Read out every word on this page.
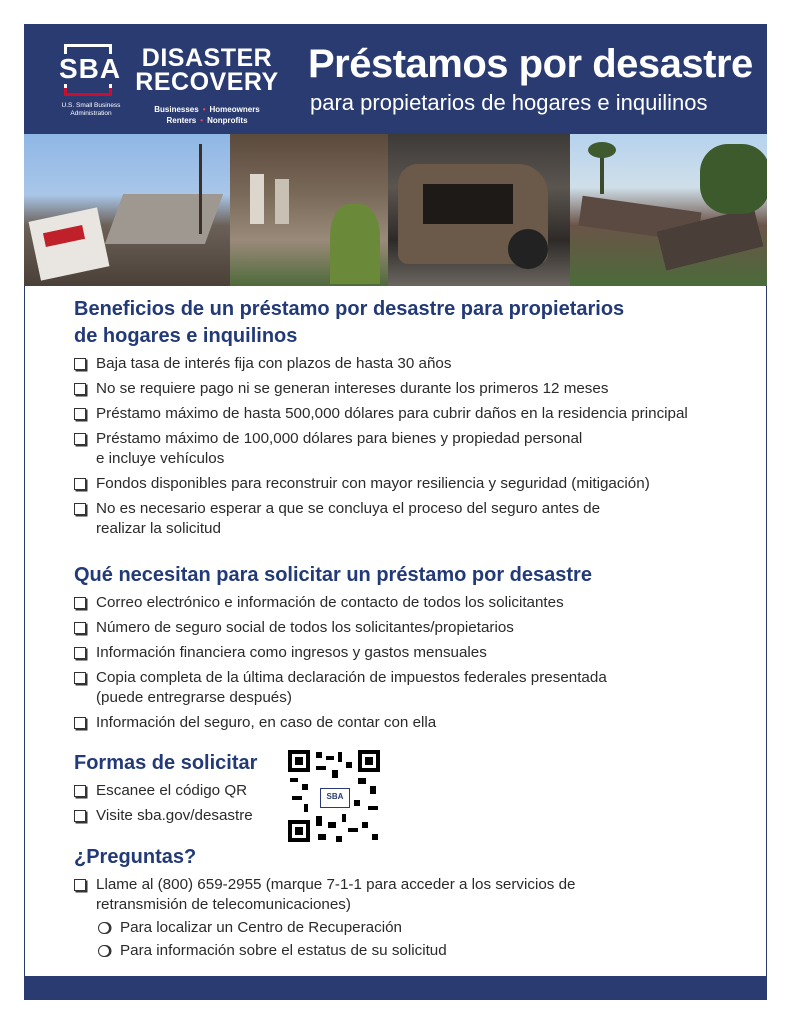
SBA
U.S. Small Business Administration
DISASTER
RECOVERY
Businesses • Homeowners
Renters • Nonprofits
Préstamos por desastre
para propietarios de hogares e inquilinos
Beneficios de un préstamo por desastre para propietarios
de hogares e inquilinos
Baja tasa de interés fija con plazos de hasta 30 años
No se requiere pago ni se generan intereses durante los primeros 12 meses
Préstamo máximo de hasta 500,000 dólares para cubrir daños en la residencia principal
Préstamo máximo de 100,000 dólares para bienes y propiedad personal
e incluye vehículos
Fondos disponibles para reconstruir con mayor resiliencia y seguridad (mitigación)
No es necesario esperar a que se concluya el proceso del seguro antes de
realizar la solicitud
Qué necesitan para solicitar un préstamo por desastre
Correo electrónico e información de contacto de todos los solicitantes
Número de seguro social de todos los solicitantes/propietarios
Información financiera como ingresos y gastos mensuales
Copia completa de la última declaración de impuestos federales presentada
(puede entregrarse después)
Información del seguro, en caso de contar con ella
Formas de solicitar
Escanee el código QR
Visite sba.gov/desastre
¿Preguntas?
Llame al (800) 659-2955 (marque 7-1-1 para acceder a los servicios de
retransmisión de telecomunicaciones)
Para localizar un Centro de Recuperación
Para información sobre el estatus de su solicitud
SBA
